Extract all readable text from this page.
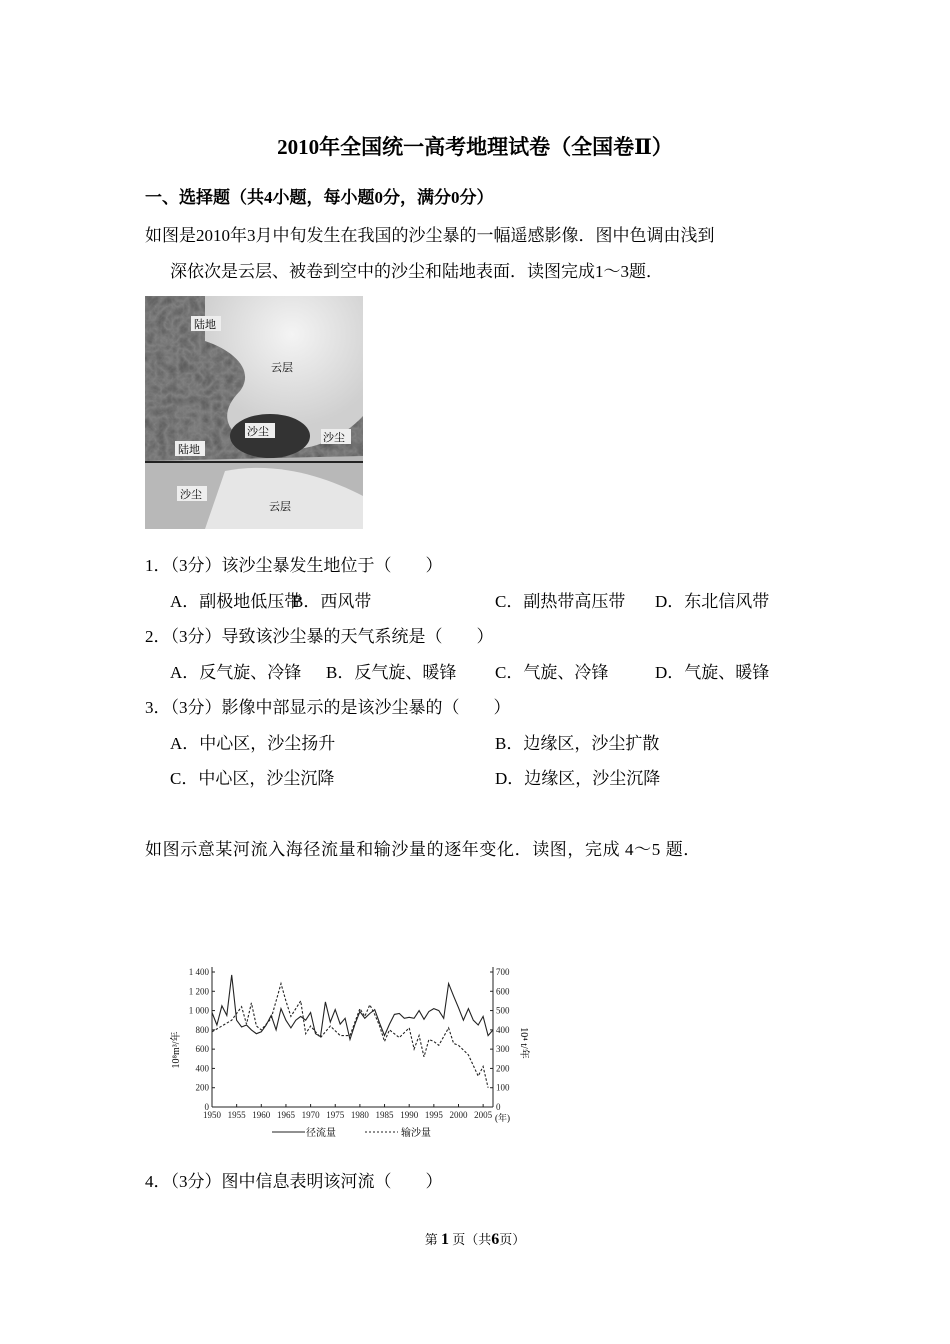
2010年全国统一高考地理试卷（全国卷Ⅱ）
一、选择题（共4小题，每小题0分，满分0分）
如图是2010年3月中旬发生在我国的沙尘暴的一幅遥感影像．图中色调由浅到
深依次是云层、被卷到空中的沙尘和陆地表面．读图完成1～3题．
陆地
云层
沙尘	沙尘
陆地
沙尘
云层
1．（3分）该沙尘暴发生地位于（　　）
A．副极地低压带
B．西风带	C．副热带高压带 D．东北信风带
2．（3分）导致该沙尘暴的天气系统是（　　）
A．反气旋、冷锋 B．反气旋、暖锋 C．气旋、冷锋	D．气旋、暖锋
3．（3分）影像中部显示的是该沙尘暴的（　　）
A．中心区，沙尘扬升	B．边缘区，沙尘扩散
C．中心区，沙尘沉降	D．边缘区，沙尘沉降
如图示意某河流入海径流量和输沙量的逐年变化．读图，完成 4～5 题．
0
200
400
600
800
1 000
1 200
1 400
0
100
200
300
400
500
600
700
1950 1955 1960 1965 1970 1975 1980 1985 1990 1995 2000 2005
10⁸m³/年	10⁴ t/年
(年)
径流量	输沙量
4．（3分）图中信息表明该河流（　　）
第 1 页（共6页）
